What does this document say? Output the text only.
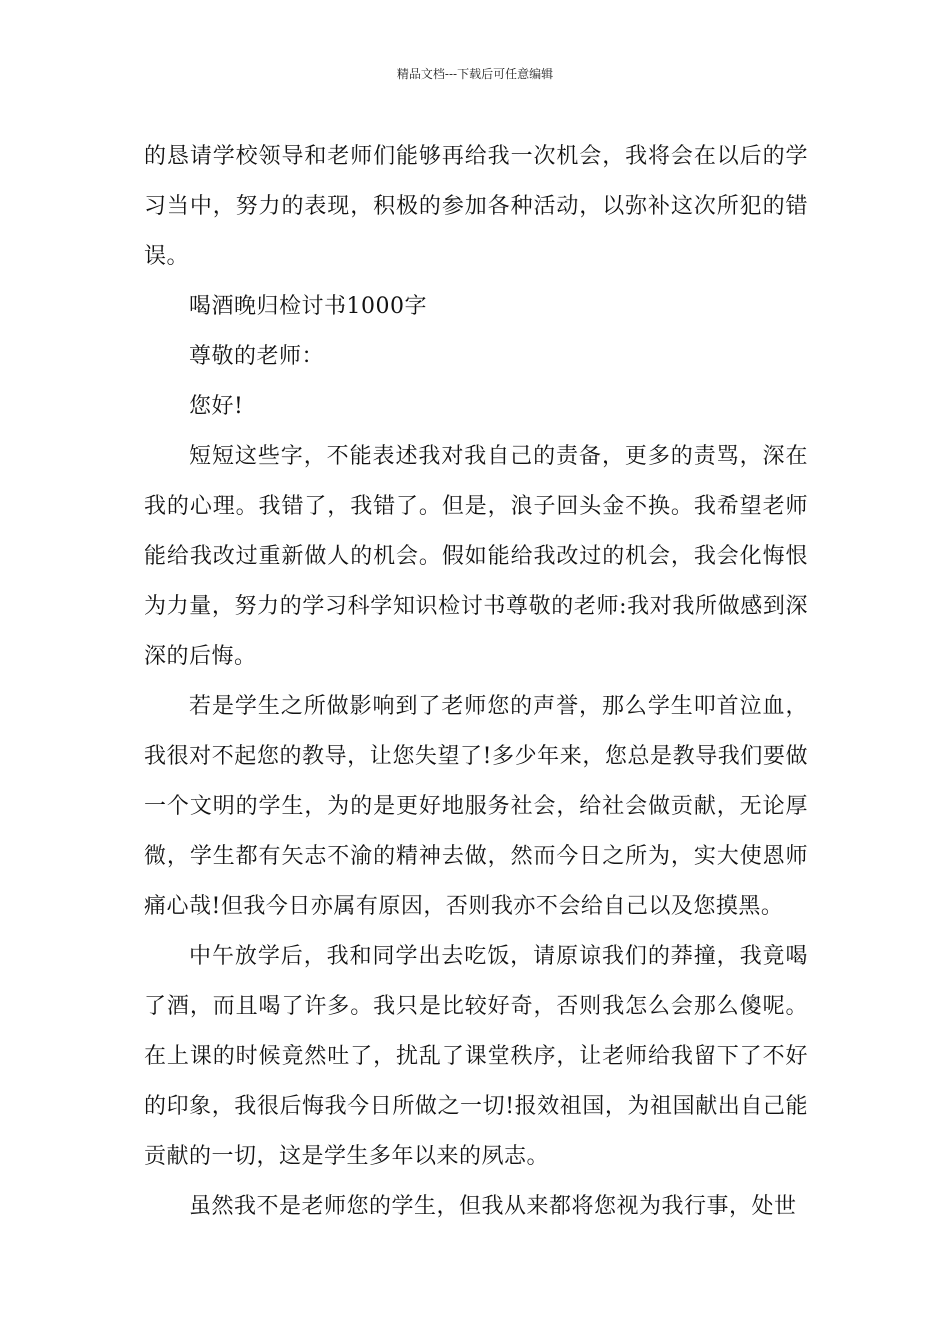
精品文档---下载后可任意编辑

的恳请学校领导和老师们能够再给我一次机会，我将会在以后的学习当中，努力的表现，积极的参加各种活动，以弥补这次所犯的错误。

喝酒晚归检讨书1000字

尊敬的老师：

您好!

短短这些字，不能表述我对我自己的责备，更多的责骂，深在我的心理。我错了，我错了。但是，浪子回头金不换。我希望老师能给我改过重新做人的机会。假如能给我改过的机会，我会化悔恨为力量，努力的学习科学知识检讨书尊敬的老师:我对我所做感到深深的后悔。

若是学生之所做影响到了老师您的声誉，那么学生叩首泣血，我很对不起您的教导，让您失望了!多少年来，您总是教导我们要做一个文明的学生，为的是更好地服务社会，给社会做贡献，无论厚微，学生都有矢志不渝的精神去做，然而今日之所为，实大使恩师痛心哉!但我今日亦属有原因，否则我亦不会给自己以及您摸黑。

中午放学后，我和同学出去吃饭，请原谅我们的莽撞，我竟喝了酒，而且喝了许多。我只是比较好奇，否则我怎么会那么傻呢。在上课的时候竟然吐了，扰乱了课堂秩序，让老师给我留下了不好的印象，我很后悔我今日所做之一切!报效祖国，为祖国献出自己能贡献的一切，这是学生多年以来的夙志。

虽然我不是老师您的学生，但我从来都将您视为我行事，处世
